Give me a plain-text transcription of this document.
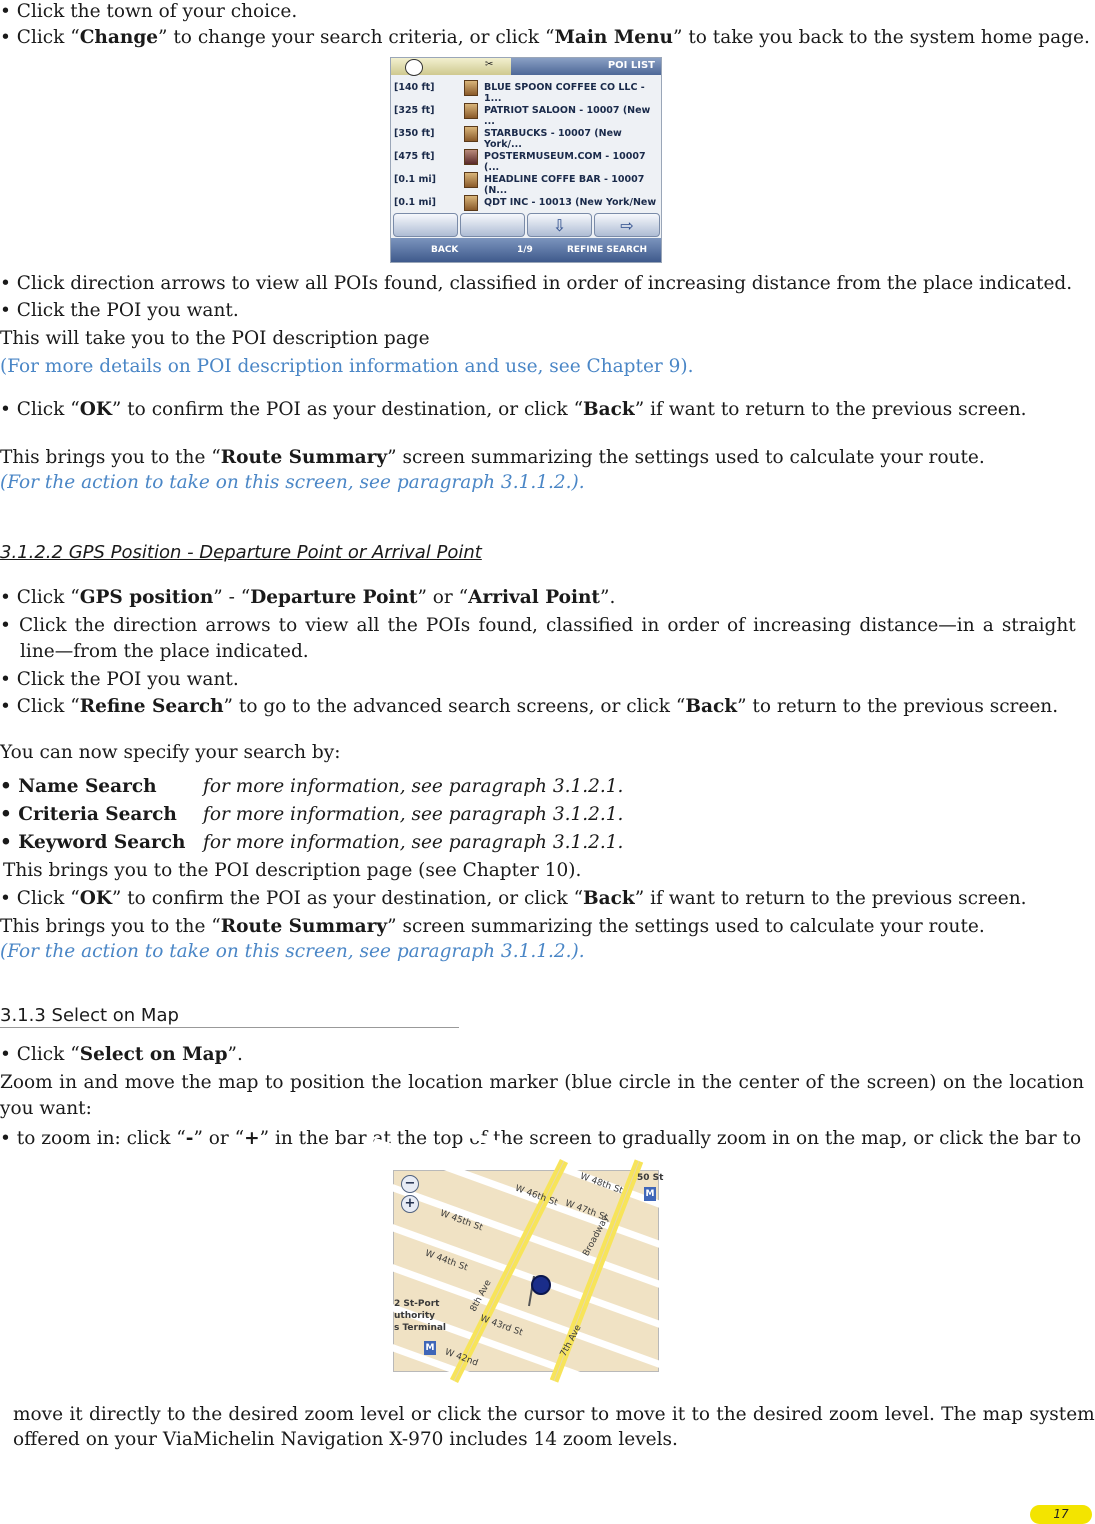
• Click the town of your choice.
• Click “Change” to change your search criteria, or click “Main Menu” to take you back to the system home page.
✂	POI LIST
[140 ft]	BLUE SPOON COFFEE CO LLC - 1...
[325 ft]	PATRIOT SALOON - 10007 (New ...
[350 ft]	STARBUCKS - 10007 (New York/...
[475 ft]	POSTERMUSEUM.COM - 10007 (...
[0.1 mi]	HEADLINE COFFE BAR - 10007 (N...
[0.1 mi]	QDT INC - 10013 (New York/New
⇩	⇨
BACK	1/9	REFINE SEARCH
• Click direction arrows to view all POIs found, classified in order of increasing distance from the place indicated.
• Click the POI you want.
This will take you to the POI description page
(For more details on POI description information and use, see Chapter 9).
• Click “OK” to confirm the POI as your destination, or click “Back” if want to return to the previous screen.
This brings you to the “Route Summary” screen summarizing the settings used to calculate your route.
(For the action to take on this screen, see paragraph 3.1.1.2.).
3.1.2.2 GPS Position - Departure Point or Arrival Point
• Click “GPS position” - “Departure Point” or “Arrival Point”.
• Click the direction arrows to view all the POIs found, classified in order of increasing distance—in a straight
line—from the place indicated.
• Click the POI you want.
• Click “Refine Search” to go to the advanced search screens, or click “Back” to return to the previous screen.
You can now specify your search by:
• Name Search	for more information, see paragraph 3.1.2.1.
• Criteria Search for more information, see paragraph 3.1.2.1.
• Keyword Search for more information, see paragraph 3.1.2.1.
This brings you to the POI description page (see Chapter 10).
• Click “OK” to confirm the POI as your destination, or click “Back” if want to return to the previous screen.
This brings you to the “Route Summary” screen summarizing the settings used to calculate your route.
(For the action to take on this screen, see paragraph 3.1.1.2.).
3.1.3 Select on Map
• Click “Select on Map”.
Zoom in and move the map to position the location marker (blue circle in the center of the screen) on the location
you want:
• to zoom in: click “-” or “+” in the bar at the top of the screen to gradually zoom in on the map, or click the bar to
−
+	W 46th St
W 47th St
W 45th St
W 44th St
W 43rd St
W 42nd
Broadway
8th Ave
7th Ave
W 48th St 50 St
2 St-Port
uthority
s Terminal
M
M
move it directly to the desired zoom level or click the cursor to move it to the desired zoom level. The map system
offered on your ViaMichelin Navigation X-970 includes 14 zoom levels.
17
